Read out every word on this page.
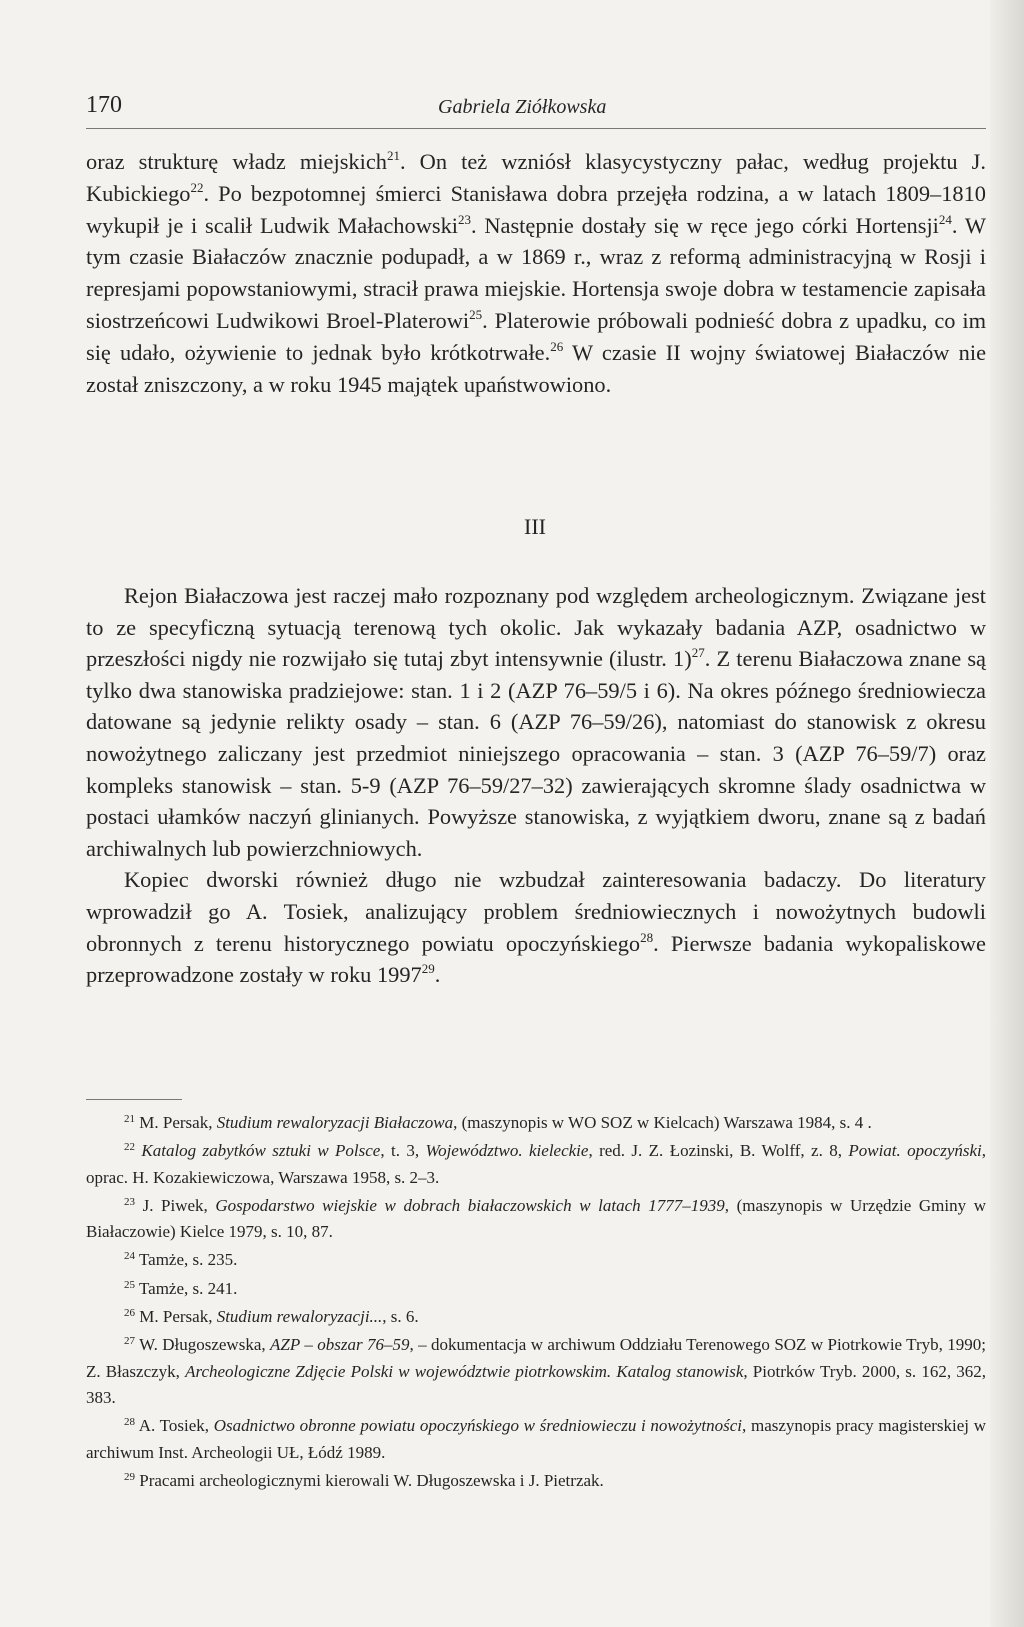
170	Gabriela Ziółkowska

oraz strukturę władz miejskich$^{21}$. On też wzniósł klasycystyczny pałac, według projektu J. Kubickiego$^{22}$. Po bezpotomnej śmierci Stanisława dobra przejęła rodzina, a w latach 1809–1810 wykupił je i scalił Ludwik Małachowski$^{23}$. Następnie dostały się w ręce jego córki Hortensji$^{24}$. W tym czasie Białaczów znacznie podupadł, a w 1869 r., wraz z reformą administracyjną w Rosji i represjami popowstaniowymi, stracił prawa miejskie. Hortensja swoje dobra w testamencie zapisała siostrzeńcowi Ludwikowi Broel-Platerowi$^{25}$. Platerowie próbowali podnieść dobra z upadku, co im się udało, ożywienie to jednak było krótkotrwałe.$^{26}$ W czasie II wojny światowej Białaczów nie został zniszczony, a w roku 1945 majątek upaństwowiono.

III

Rejon Białaczowa jest raczej mało rozpoznany pod względem archeologicznym. Związane jest to ze specyficzną sytuacją terenową tych okolic. Jak wykazały badania AZP, osadnictwo w przeszłości nigdy nie rozwijało się tutaj zbyt intensywnie (ilustr. 1)$^{27}$. Z terenu Białaczowa znane są tylko dwa stanowiska pradziejowe: stan. 1 i 2 (AZP 76–59/5 i 6). Na okres późnego średniowiecza datowane są jedynie relikty osady – stan. 6 (AZP 76–59/26), natomiast do stanowisk z okresu nowożytnego zaliczany jest przedmiot niniejszego opracowania – stan. 3 (AZP 76–59/7) oraz kompleks stanowisk – stan. 5-9 (AZP 76–59/27–32) zawierających skromne ślady osadnictwa w postaci ułamków naczyń glinianych. Powyższe stanowiska, z wyjątkiem dworu, znane są z badań archiwalnych lub powierzchniowych.

Kopiec dworski również długo nie wzbudzał zainteresowania badaczy. Do literatury wprowadził go A. Tosiek, analizujący problem średniowiecznych i nowożytnych budowli obronnych z terenu historycznego powiatu opoczyńskiego$^{28}$. Pierwsze badania wykopaliskowe przeprowadzone zostały w roku 1997$^{29}$.

$^{21}$ M. Persak, Studium rewaloryzacji Białaczowa, (maszynopis w WO SOZ w Kielcach) Warszawa 1984, s. 4 .

$^{22}$ Katalog zabytków sztuki w Polsce, t. 3, Województwo. kieleckie, red. J. Z. Łozinski, B. Wolff, z. 8, Powiat. opoczyński, oprac. H. Kozakiewiczowa, Warszawa 1958, s. 2–3.

$^{23}$ J. Piwek, Gospodarstwo wiejskie w dobrach białaczowskich w latach 1777–1939, (maszynopis w Urzędzie Gminy w Białaczowie) Kielce 1979, s. 10, 87.

$^{24}$ Tamże, s. 235.

$^{25}$ Tamże, s. 241.

$^{26}$ M. Persak, Studium rewaloryzacji..., s. 6.

$^{27}$ W. Długoszewska, AZP – obszar 76–59, – dokumentacja w archiwum Oddziału Terenowego SOZ w Piotrkowie Tryb, 1990; Z. Błaszczyk, Archeologiczne Zdjęcie Polski w województwie piotrkowskim. Katalog stanowisk, Piotrków Tryb. 2000, s. 162, 362, 383.

$^{28}$ A. Tosiek, Osadnictwo obronne powiatu opoczyńskiego w średniowieczu i nowożytności, maszynopis pracy magisterskiej w archiwum Inst. Archeologii UŁ, Łódź 1989.

$^{29}$ Pracami archeologicznymi kierowali W. Długoszewska i J. Pietrzak.
